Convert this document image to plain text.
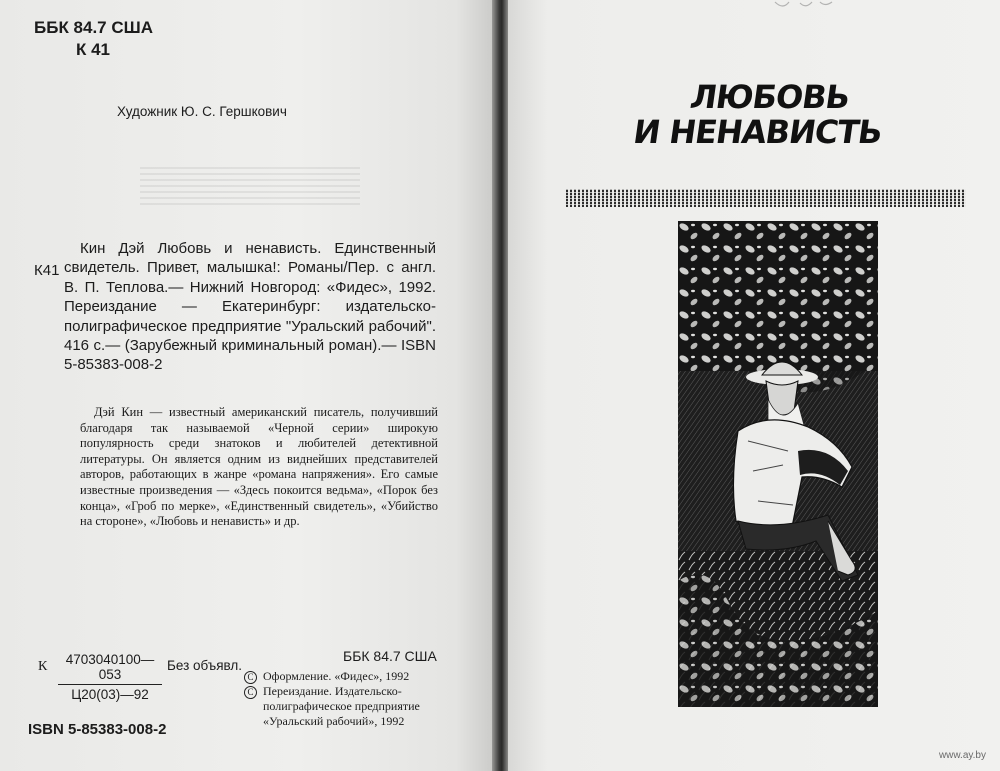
ББК 84.7 США
К 41
Художник Ю. С. Гершкович
К41

Кин Дэй Любовь и ненависть. Единственный свидетель. Привет, малышка!: Романы/Пер. с англ. В. П. Теплова.— Нижний Новгород: «Фидес», 1992. Переиздание — Екатеринбург: издательско-полиграфическое предприятие "Уральский рабочий". 416 с.— (Зарубежный криминальный роман).— ISBN 5-85383-008-2

Дэй Кин — известный американский писатель, получивший благодаря так называемой «Черной серии» широкую популярность среди знатоков и любителей детективной литературы. Он является одним из виднейших представителей авторов, работающих в жанре «романа напряжения». Его самые известные произведения — «Здесь покоится ведьма», «Порок без конца», «Гроб по мерке», «Единственный свидетель», «Убийство на стороне», «Любовь и ненависть» и др.

К	4703040100—053
Ц20(03)—92
Без объявл.
ББК 84.7 США
С Оформление. «Фидес», 1992
С Переиздание. Издательско-полиграфическое предприятие «Уральский рабочий», 1992
ISBN 5-85383-008-2
ЛЮБОВЬ
И НЕНАВИСТЬ
www.ay.by
